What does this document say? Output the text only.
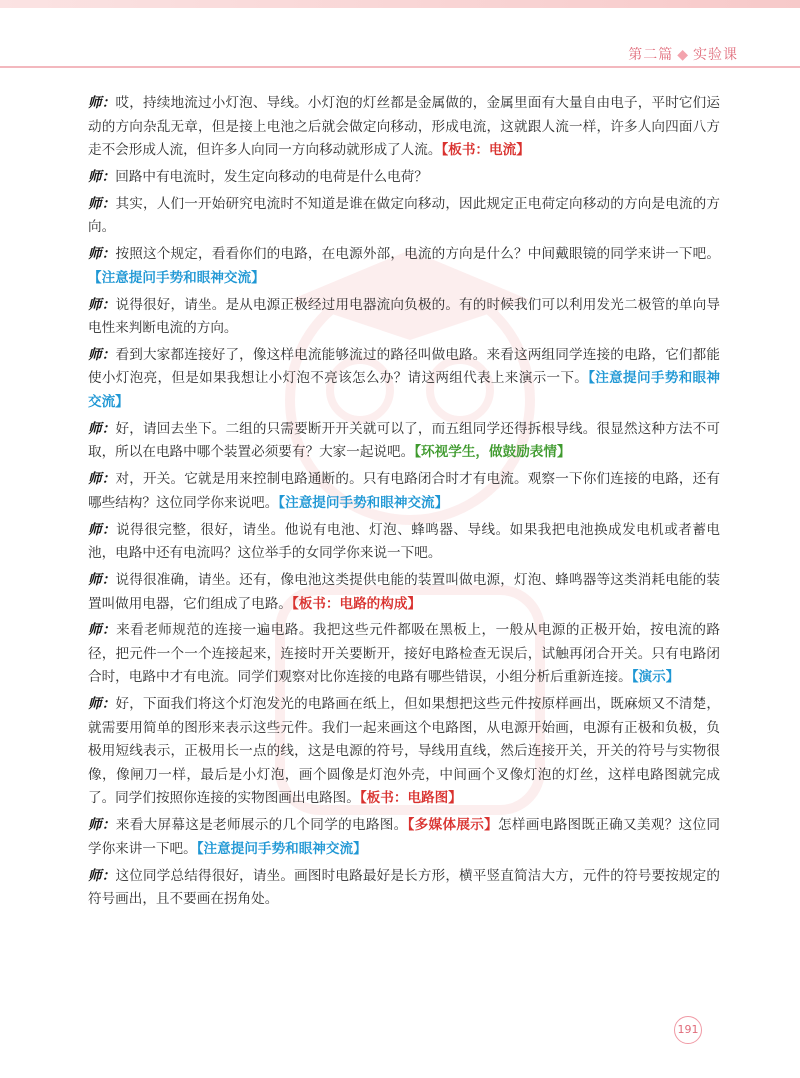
第二篇 ◆ 实验课

师：哎，持续地流过小灯泡、导线。小灯泡的灯丝都是金属做的，金属里面有大量自由电子，平时它们运动的方向杂乱无章，但是接上电池之后就会做定向移动，形成电流，这就跟人流一样，许多人向四面八方走不会形成人流，但许多人向同一方向移动就形成了人流。【板书：电流】

师：回路中有电流时，发生定向移动的电荷是什么电荷？

师：其实，人们一开始研究电流时不知道是谁在做定向移动，因此规定正电荷定向移动的方向是电流的方向。

师：按照这个规定，看看你们的电路，在电源外部，电流的方向是什么？中间戴眼镜的同学来讲一下吧。【注意提问手势和眼神交流】

师：说得很好，请坐。是从电源正极经过用电器流向负极的。有的时候我们可以利用发光二极管的单向导电性来判断电流的方向。

师：看到大家都连接好了，像这样电流能够流过的路径叫做电路。来看这两组同学连接的电路，它们都能使小灯泡亮，但是如果我想让小灯泡不亮该怎么办？请这两组代表上来演示一下。【注意提问手势和眼神交流】

师：好，请回去坐下。二组的只需要断开开关就可以了，而五组同学还得拆根导线。很显然这种方法不可取，所以在电路中哪个装置必须要有？大家一起说吧。【环视学生，做鼓励表情】

师：对，开关。它就是用来控制电路通断的。只有电路闭合时才有电流。观察一下你们连接的电路，还有哪些结构？这位同学你来说吧。【注意提问手势和眼神交流】

师：说得很完整，很好，请坐。他说有电池、灯泡、蜂鸣器、导线。如果我把电池换成发电机或者蓄电池，电路中还有电流吗？这位举手的女同学你来说一下吧。

师：说得很准确，请坐。还有，像电池这类提供电能的装置叫做电源，灯泡、蜂鸣器等这类消耗电能的装置叫做用电器，它们组成了电路。【板书：电路的构成】

师：来看老师规范的连接一遍电路。我把这些元件都吸在黑板上，一般从电源的正极开始，按电流的路径，把元件一个一个连接起来，连接时开关要断开，接好电路检查无误后，试触再闭合开关。只有电路闭合时，电路中才有电流。同学们观察对比你连接的电路有哪些错误，小组分析后重新连接。【演示】

师：好，下面我们将这个灯泡发光的电路画在纸上，但如果想把这些元件按原样画出，既麻烦又不清楚，就需要用简单的图形来表示这些元件。我们一起来画这个电路图，从电源开始画，电源有正极和负极，负极用短线表示，正极用长一点的线，这是电源的符号，导线用直线，然后连接开关，开关的符号与实物很像，像闸刀一样，最后是小灯泡，画个圆像是灯泡外壳，中间画个叉像灯泡的灯丝，这样电路图就完成了。同学们按照你连接的实物图画出电路图。【板书：电路图】

师：来看大屏幕这是老师展示的几个同学的电路图。【多媒体展示】怎样画电路图既正确又美观？这位同学你来讲一下吧。【注意提问手势和眼神交流】

师：这位同学总结得很好，请坐。画图时电路最好是长方形，横平竖直简洁大方，元件的符号要按规定的符号画出，且不要画在拐角处。

191
